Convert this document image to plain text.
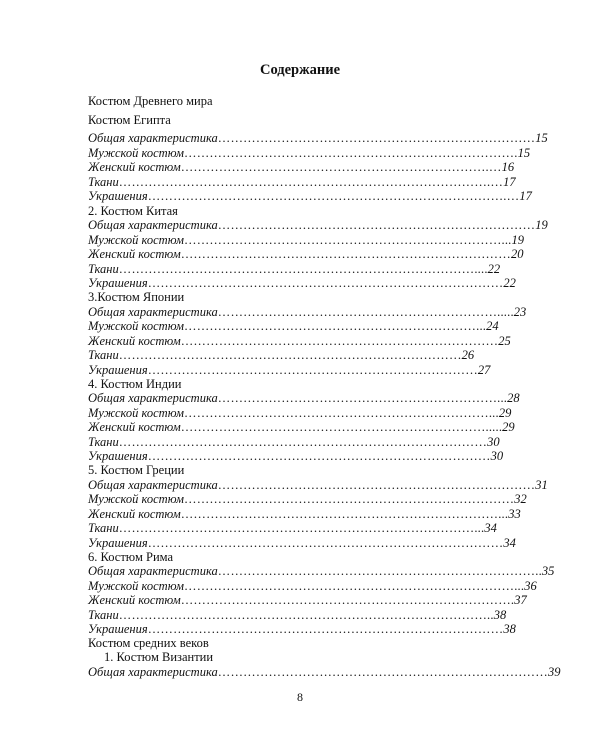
Содержание
Костюм Древнего мира
Костюм Египта
Общая характеристика…………………………………………………………………15
Мужской костюм…………………………………………………………………….15
Женский костюм……………………………………………………………….…16
Ткани…………………………………………………………………………….…17
Украшения………………………………………………………………………….…17
2. Костюм Китая
Общая характеристика…………………………………………………………………19
Мужской костюм…………………………………………………………………...19
Женский костюм……………………………………………………………………20
Ткани…………………………………………………………………………....22
Украшения…………………………………………………………………………22
3.Костюм Японии
Общая характеристика………………………………………………………….....23
Мужской костюм……………………………………………………………...24
Женский костюм…………………………………………………………………25
Ткани………………………………………………………………………26
Украшения……………………………………………………………………27
4. Костюм Индии
Общая характеристика…………………………………………………………...28
Мужской костюм………………………………………………………………...29
Женский костюм……………………………………………………………….....29
Ткани……………………………………………………………………………30
Украшения………………………………………………………………………30
5. Костюм Греции
Общая характеристика…………………………………………………………………31
Мужской костюм……………………………………………………………………32
Женский костюм…………………………………………………………………...33
Ткани…………………………………………………………………………...34
Украшения…………………………………………………………………………34
6. Костюм Рима
Общая характеристика…………………………………………………………………..35
Мужской костюм……………………………………………………………………...36
Женский костюм…………………………………………………………………….37
Ткани……………………………………………………………………………..38
Украшения…………………………………………………………………………38
Костюм средних веков
1. Костюм Византии
Общая характеристика……………………………………………………………………39
8
